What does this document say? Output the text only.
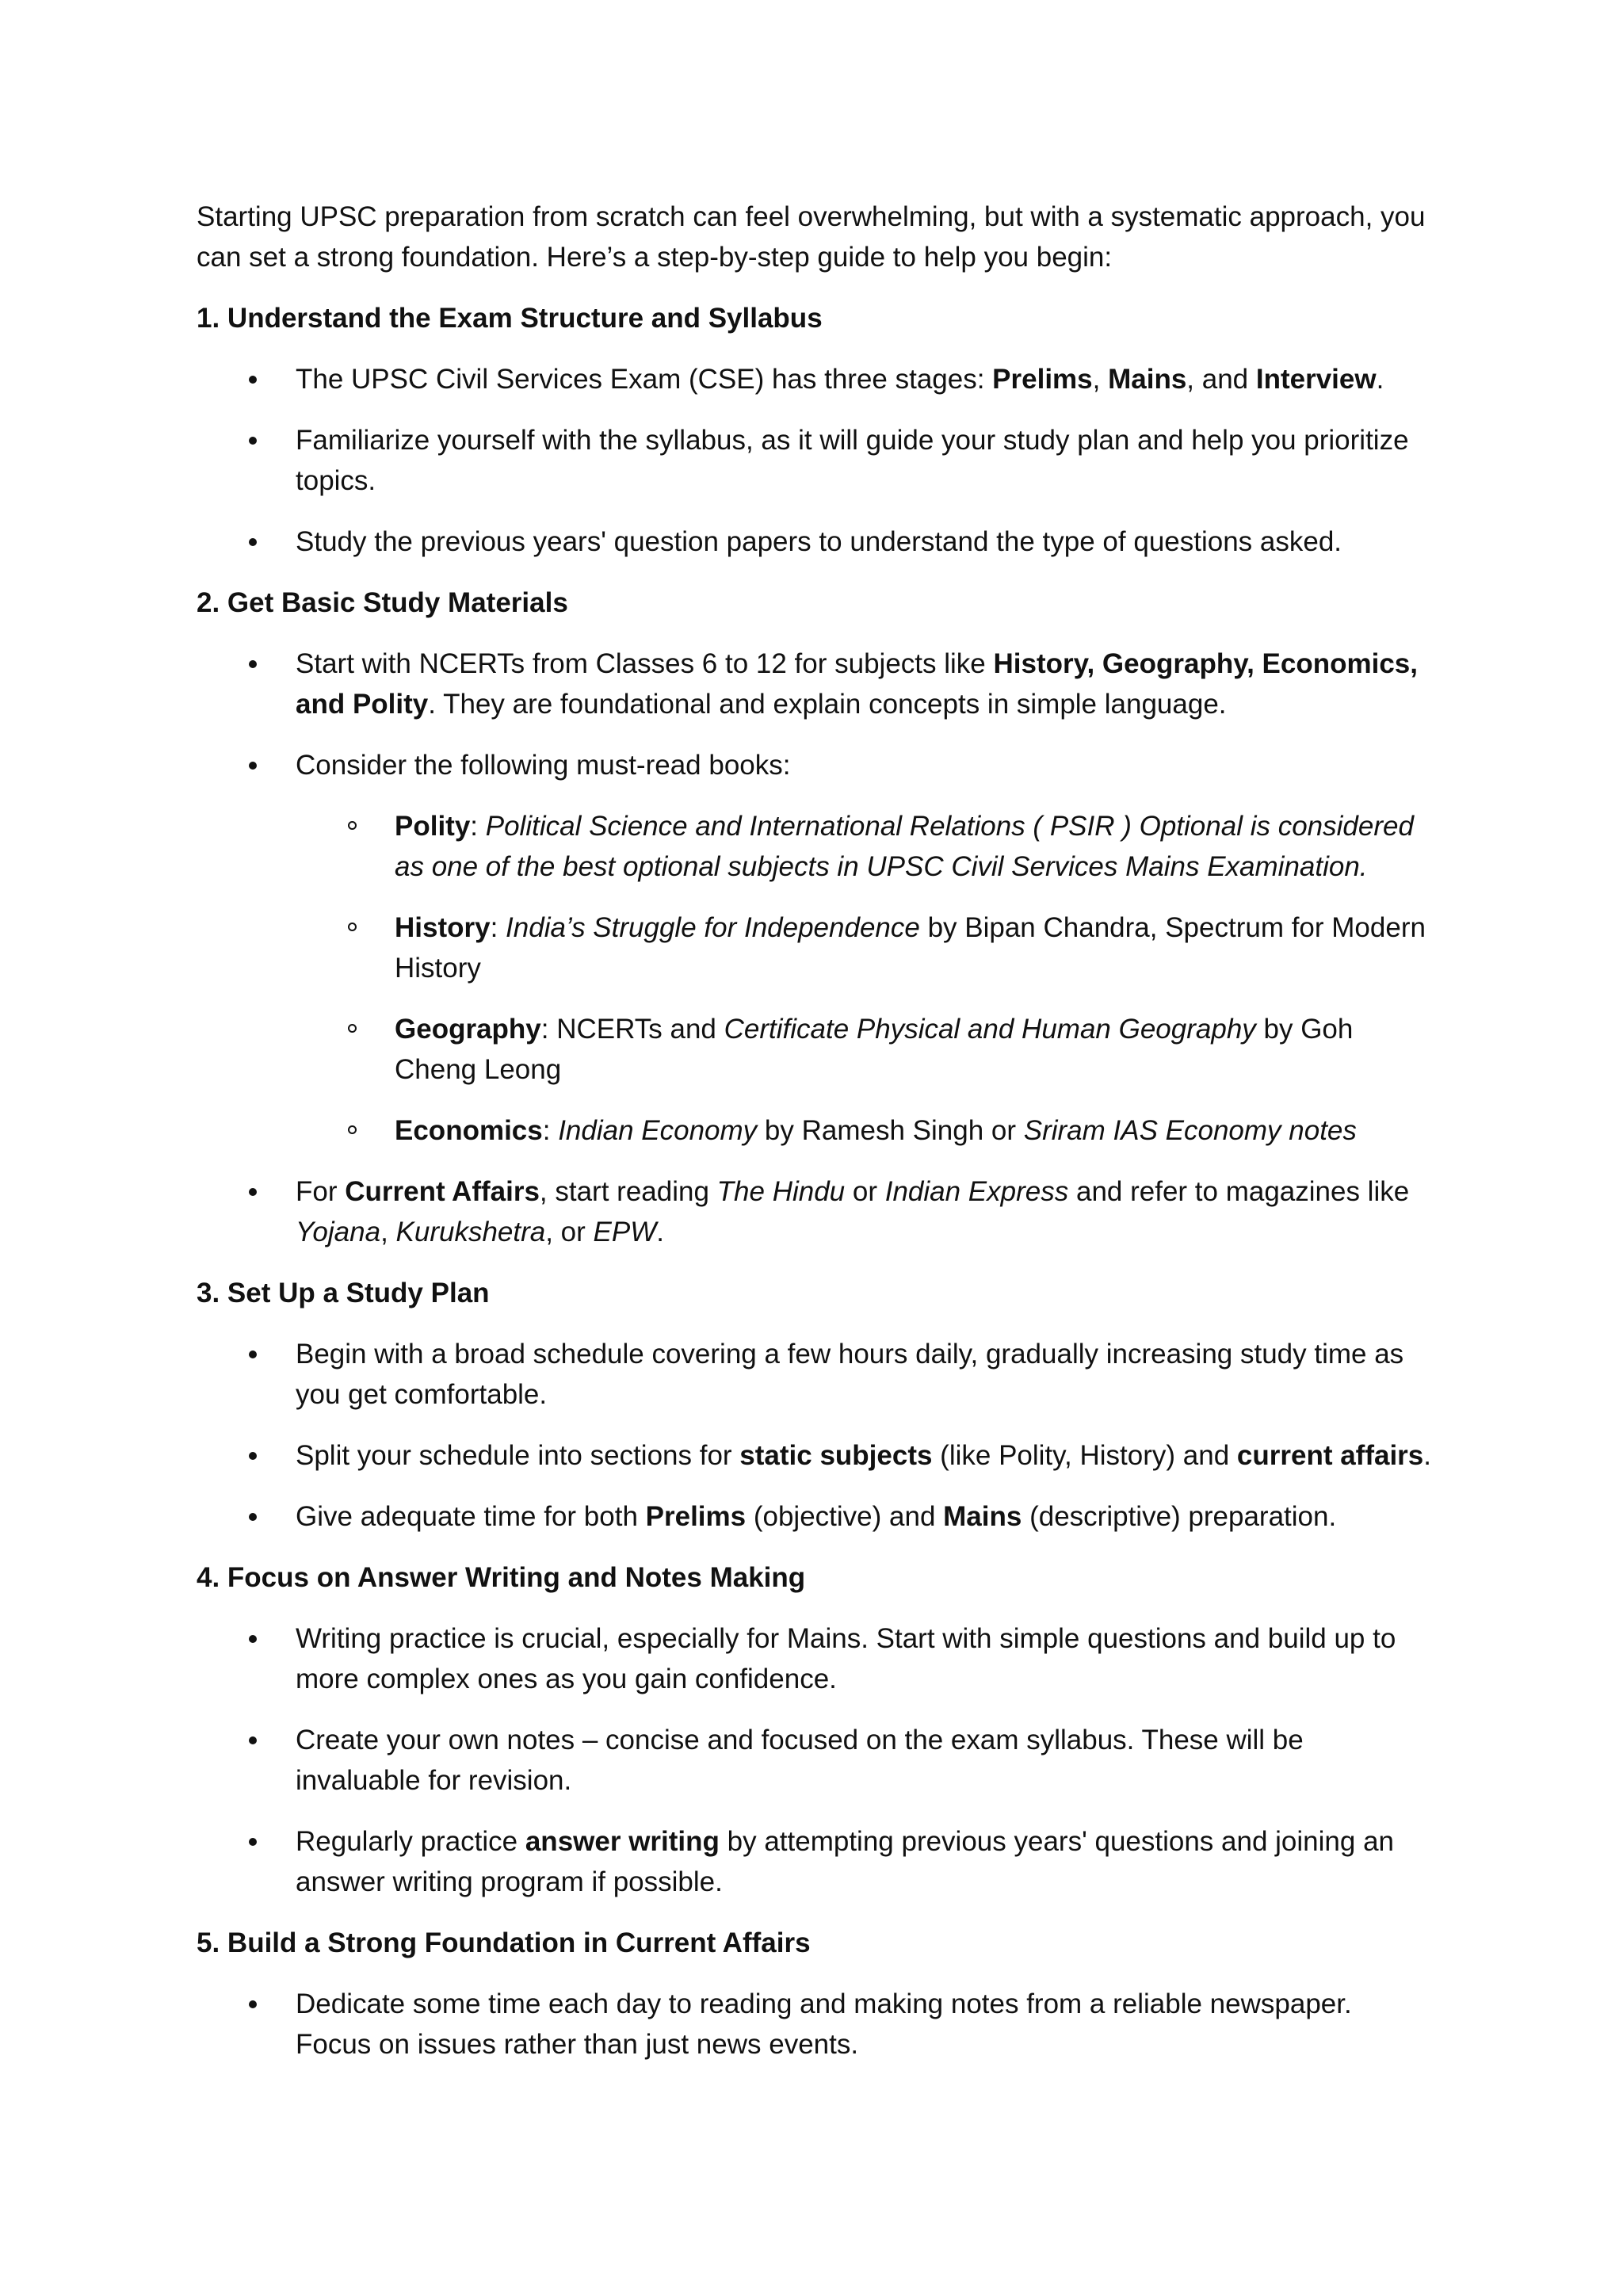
Starting UPSC preparation from scratch can feel overwhelming, but with a systematic approach, you can set a strong foundation. Here’s a step-by-step guide to help you begin:

1. Understand the Exam Structure and Syllabus

The UPSC Civil Services Exam (CSE) has three stages: Prelims, Mains, and Interview.
Familiarize yourself with the syllabus, as it will guide your study plan and help you prioritize topics.
Study the previous years' question papers to understand the type of questions asked.

2. Get Basic Study Materials

Start with NCERTs from Classes 6 to 12 for subjects like History, Geography, Economics, and Polity. They are foundational and explain concepts in simple language.
Consider the following must-read books:
Polity: Political Science and International Relations ( PSIR ) Optional is considered as one of the best optional subjects in UPSC Civil Services Mains Examination.
History: India’s Struggle for Independence by Bipan Chandra, Spectrum for Modern History
Geography: NCERTs and Certificate Physical and Human Geography by Goh Cheng Leong
Economics: Indian Economy by Ramesh Singh or Sriram IAS Economy notes
For Current Affairs, start reading The Hindu or Indian Express and refer to magazines like Yojana, Kurukshetra, or EPW.

3. Set Up a Study Plan

Begin with a broad schedule covering a few hours daily, gradually increasing study time as you get comfortable.
Split your schedule into sections for static subjects (like Polity, History) and current affairs.
Give adequate time for both Prelims (objective) and Mains (descriptive) preparation.

4. Focus on Answer Writing and Notes Making

Writing practice is crucial, especially for Mains. Start with simple questions and build up to more complex ones as you gain confidence.
Create your own notes – concise and focused on the exam syllabus. These will be invaluable for revision.
Regularly practice answer writing by attempting previous years' questions and joining an answer writing program if possible.

5. Build a Strong Foundation in Current Affairs

Dedicate some time each day to reading and making notes from a reliable newspaper. Focus on issues rather than just news events.
